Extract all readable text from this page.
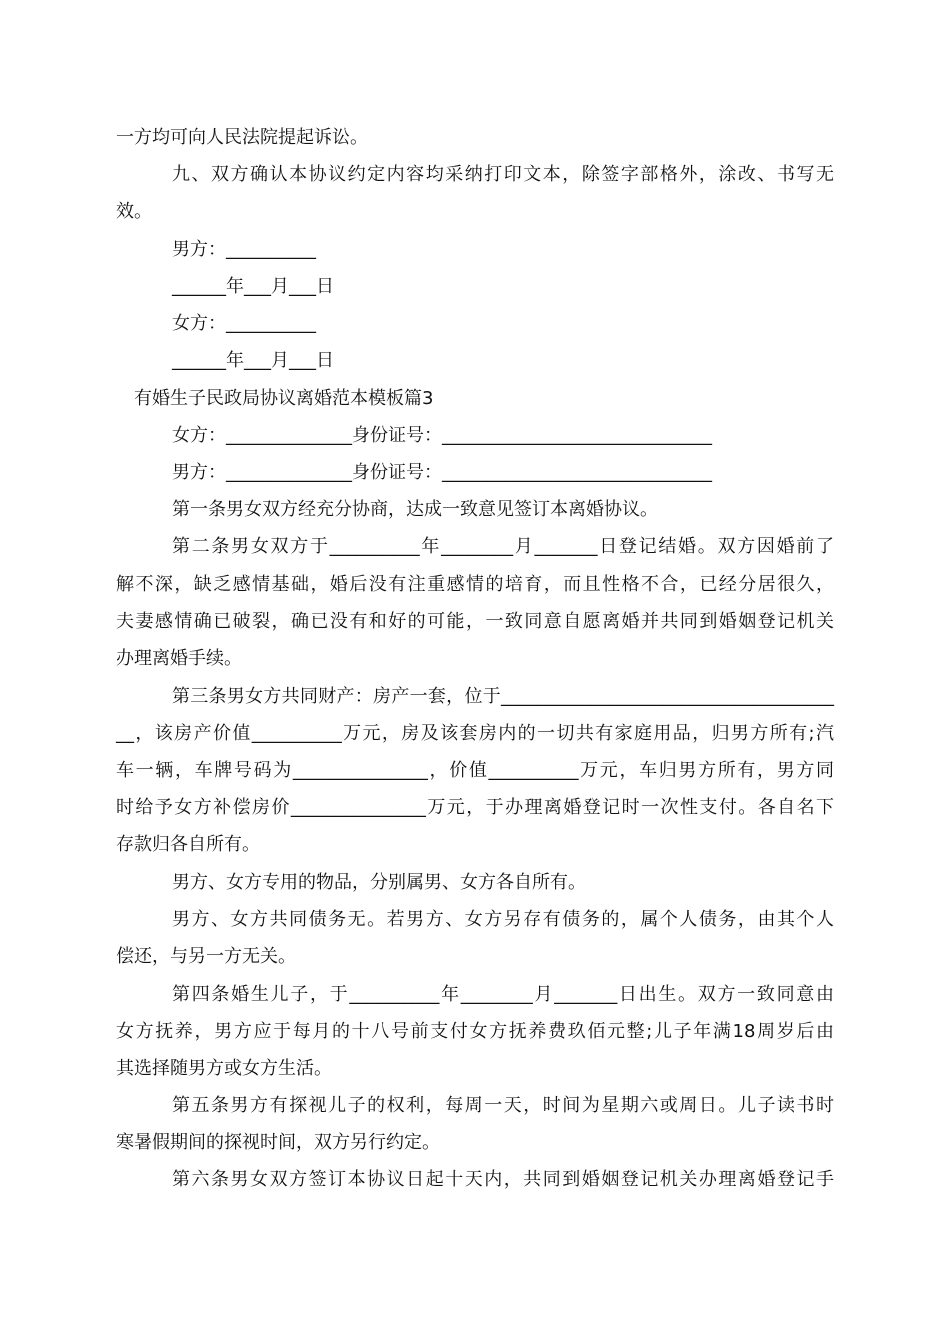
一方均可向人民法院提起诉讼。
九、双方确认本协议约定内容均采纳打印文本，除签字部格外，涂改、书写无
效。
男方：__________
______年___月___日
女方：__________
______年___月___日
有婚生子民政局协议离婚范本模板篇3
女方：______________身份证号：______________________________
男方：______________身份证号：______________________________
第一条男女双方经充分协商，达成一致意见签订本离婚协议。
第二条男女双方于__________年________月_______日登记结婚。双方因婚前了
解不深，缺乏感情基础，婚后没有注重感情的培育，而且性格不合，已经分居很久，
夫妻感情确已破裂，确已没有和好的可能，一致同意自愿离婚并共同到婚姻登记机关
办理离婚手续。
第三条男女方共同财产：房产一套，位于_____________________________________
__，该房产价值__________万元，房及该套房内的一切共有家庭用品，归男方所有;汽
车一辆，车牌号码为_______________，价值__________万元，车归男方所有，男方同
时给予女方补偿房价_______________万元，于办理离婚登记时一次性支付。各自名下
存款归各自所有。
男方、女方专用的物品，分别属男、女方各自所有。
男方、女方共同债务无。若男方、女方另存有债务的，属个人债务，由其个人
偿还，与另一方无关。
第四条婚生儿子，于__________年________月_______日出生。双方一致同意由
女方抚养，男方应于每月的十八号前支付女方抚养费玖佰元整;儿子年满18周岁后由
其选择随男方或女方生活。
第五条男方有探视儿子的权利，每周一天，时间为星期六或周日。儿子读书时
寒暑假期间的探视时间，双方另行约定。
第六条男女双方签订本协议日起十天内，共同到婚姻登记机关办理离婚登记手
